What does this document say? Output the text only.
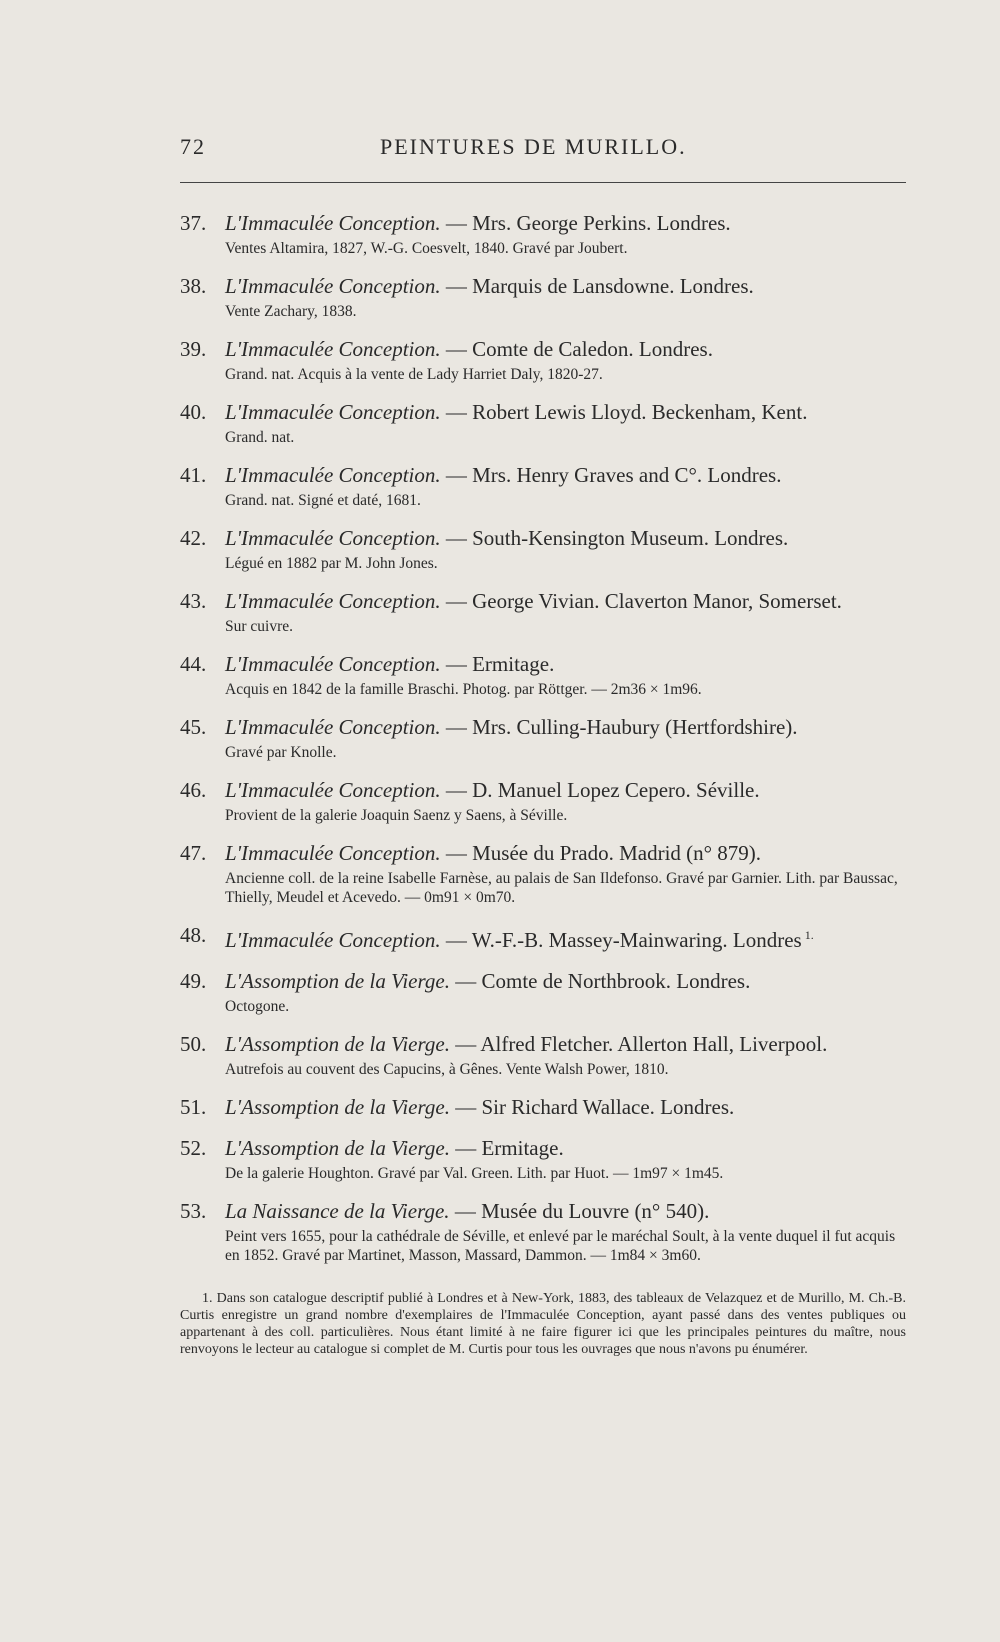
72	PEINTURES DE MURILLO.
37. L'Immaculée Conception. — Mrs. George Perkins. Londres.
Ventes Altamira, 1827, W.-G. Coesvelt, 1840. Gravé par Joubert.
38. L'Immaculée Conception. — Marquis de Lansdowne. Londres.
Vente Zachary, 1838.
39. L'Immaculée Conception. — Comte de Caledon. Londres.
Grand. nat. Acquis à la vente de Lady Harriet Daly, 1820-27.
40. L'Immaculée Conception. — Robert Lewis Lloyd. Beckenham, Kent.
Grand. nat.
41. L'Immaculée Conception. — Mrs. Henry Graves and C°. Londres.
Grand. nat. Signé et daté, 1681.
42. L'Immaculée Conception. — South-Kensington Museum. Londres.
Légué en 1882 par M. John Jones.
43. L'Immaculée Conception. — George Vivian. Claverton Manor, Somerset.
Sur cuivre.
44. L'Immaculée Conception. — Ermitage.
Acquis en 1842 de la famille Braschi. Photog. par Röttger. — 2m36 × 1m96.
45. L'Immaculée Conception. — Mrs. Culling-Haubury (Hertfordshire).
Gravé par Knolle.
46. L'Immaculée Conception. — D. Manuel Lopez Cepero. Séville.
Provient de la galerie Joaquin Saenz y Saens, à Séville.
47. L'Immaculée Conception. — Musée du Prado. Madrid (n° 879).
Ancienne coll. de la reine Isabelle Farnèse, au palais de San Ildefonso. Gravé par Garnier. Lith. par Baussac, Thielly, Meudel et Acevedo. — 0m91 × 0m70.
48. L'Immaculée Conception. — W.-F.-B. Massey-Mainwaring. Londres $^{1.}$
49. L'Assomption de la Vierge. — Comte de Northbrook. Londres.
Octogone.
50. L'Assomption de la Vierge. — Alfred Fletcher. Allerton Hall, Liverpool.
Autrefois au couvent des Capucins, à Gênes. Vente Walsh Power, 1810.
51. L'Assomption de la Vierge. — Sir Richard Wallace. Londres.
52. L'Assomption de la Vierge. — Ermitage.
De la galerie Houghton. Gravé par Val. Green. Lith. par Huot. — 1m97 × 1m45.
53. La Naissance de la Vierge. — Musée du Louvre (n° 540).
Peint vers 1655, pour la cathédrale de Séville, et enlevé par le maréchal Soult, à la vente duquel il fut acquis en 1852. Gravé par Martinet, Masson, Massard, Dammon. — 1m84 × 3m60.
1. Dans son catalogue descriptif publié à Londres et à New-York, 1883, des tableaux de Velazquez et de Murillo, M. Ch.-B. Curtis enregistre un grand nombre d'exemplaires de l'Immaculée Conception, ayant passé dans des ventes publiques ou appartenant à des coll. particulières. Nous étant limité à ne faire figurer ici que les principales peintures du maître, nous renvoyons le lecteur au catalogue si complet de M. Curtis pour tous les ouvrages que nous n'avons pu énumérer.
